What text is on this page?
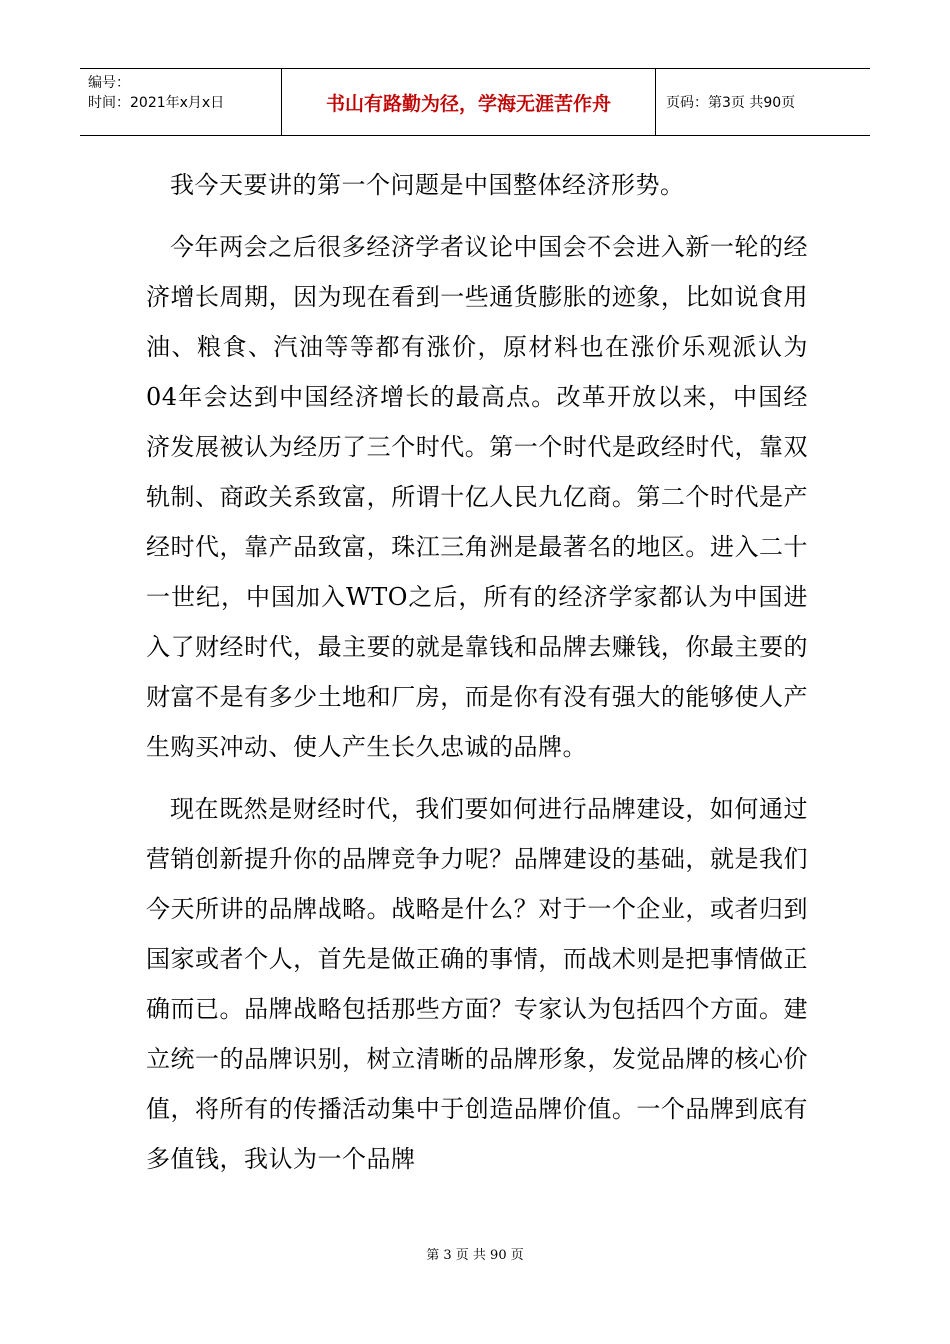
编号：
时间：2021年x月x日	书山有路勤为径，学海无涯苦作舟	页码：第3页 共90页

我今天要讲的第一个问题是中国整体经济形势。

今年两会之后很多经济学者议论中国会不会进入新一轮的经济增长周期，因为现在看到一些通货膨胀的迹象，比如说食用油、粮食、汽油等等都有涨价，原材料也在涨价乐观派认为04年会达到中国经济增长的最高点。改革开放以来，中国经济发展被认为经历了三个时代。第一个时代是政经时代，靠双轨制、商政关系致富，所谓十亿人民九亿商。第二个时代是产经时代，靠产品致富，珠江三角洲是最著名的地区。进入二十一世纪，中国加入WTO之后，所有的经济学家都认为中国进入了财经时代，最主要的就是靠钱和品牌去赚钱，你最主要的财富不是有多少土地和厂房，而是你有没有强大的能够使人产生购买冲动、使人产生长久忠诚的品牌。

现在既然是财经时代，我们要如何进行品牌建设，如何通过营销创新提升你的品牌竞争力呢？品牌建设的基础，就是我们今天所讲的品牌战略。战略是什么？对于一个企业，或者归到国家或者个人，首先是做正确的事情，而战术则是把事情做正确而已。品牌战略包括那些方面？专家认为包括四个方面。建立统一的品牌识别，树立清晰的品牌形象，发觉品牌的核心价值，将所有的传播活动集中于创造品牌价值。一个品牌到底有多值钱，我认为一个品牌

第 3 页 共 90 页
